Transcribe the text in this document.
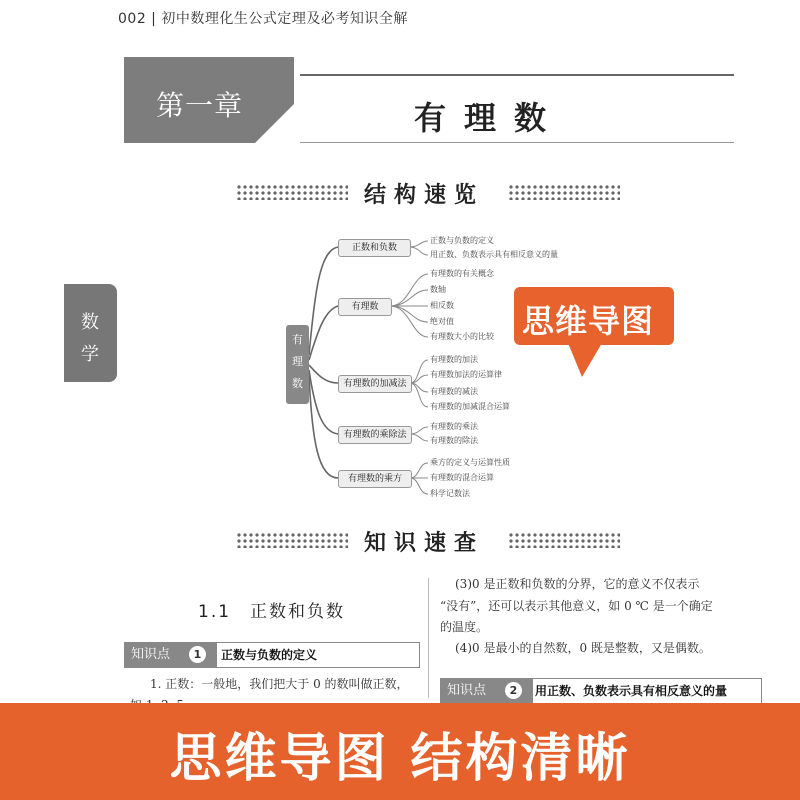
002 | 初中数理化生公式定理及必考知识全解
第一章	有理数
结构速览
数
学
有
理
数
正数和负数
有理数
有理数的加减法
有理数的乘除法
有理数的乘方
正数与负数的定义
用正数、负数表示具有相反意义的量
有理数的有关概念
数轴
相反数
绝对值
有理数大小的比较
有理数的加法
有理数加法的运算律
有理数的减法
有理数的加减混合运算
有理数的乘法
有理数的除法
乘方的定义与运算性质
有理数的混合运算
科学记数法
思维导图
知识速查
1.1　正数和负数
知识点	1	正数与负数的定义
1. 正数：一般地，我们把大于 0 的数叫做正数，
(3)0 是正数和负数的分界，它的意义不仅表示
“没有”，还可以表示其他意义，如 0 ℃ 是一个确定
的温度。
(4)0 是最小的自然数，0 既是整数，又是偶数。
知识点	2	用正数、负数表示具有相反意义的量
思维导图 结构清晰
